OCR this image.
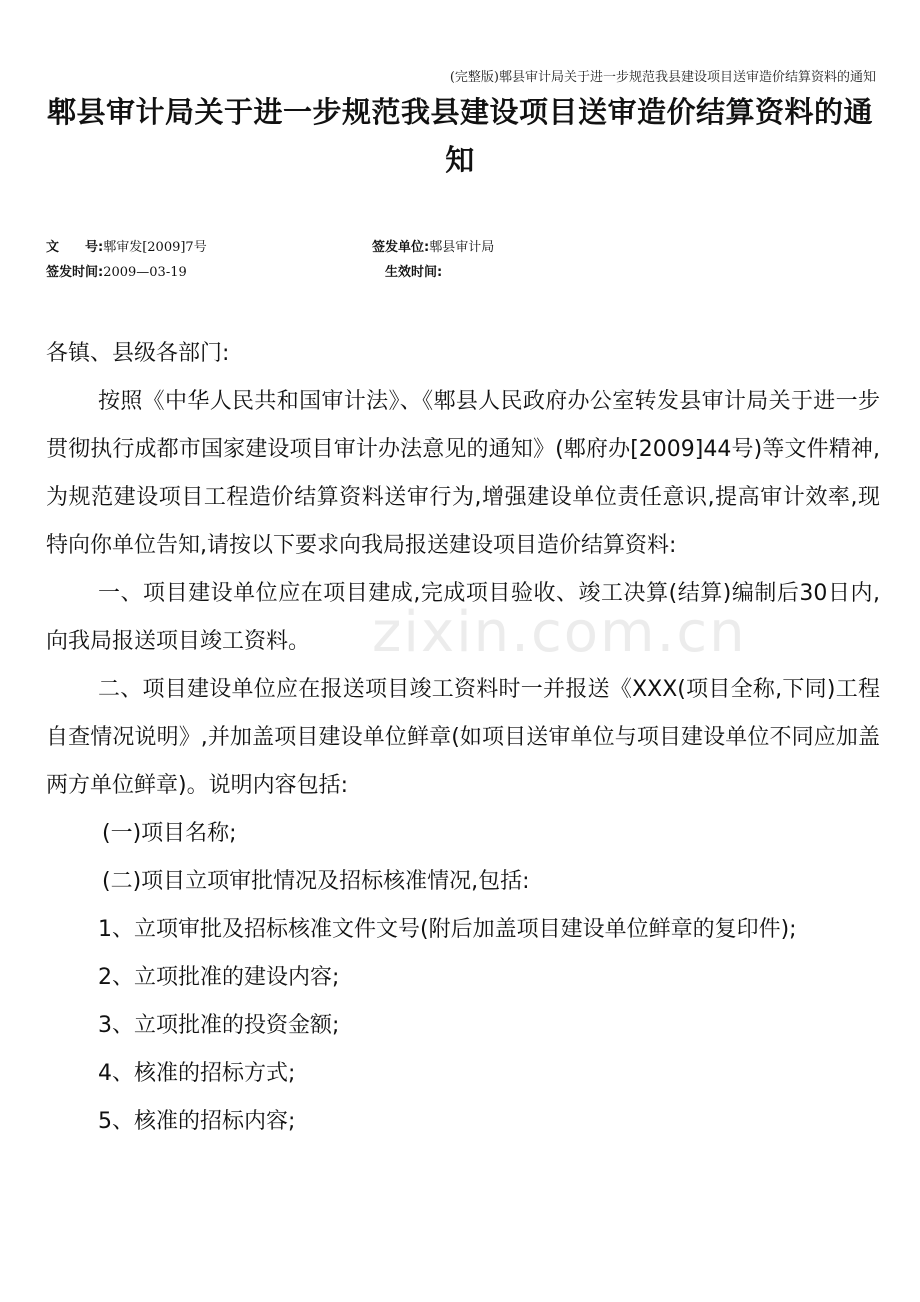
(完整版)郫县审计局关于进一步规范我县建设项目送审造价结算资料的通知
郫县审计局关于进一步规范我县建设项目送审造价结算资料的通知
文　　号:郫审发[2009]7号	签发单位:郫县审计局
签发时间:2009—03-19	生效时间:
zixin.com.cn

各镇、县级各部门:

按照《中华人民共和国审计法》、《郫县人民政府办公室转发县审计局关于进一步贯彻执行成都市国家建设项目审计办法意见的通知》(郫府办[2009]44号)等文件精神,为规范建设项目工程造价结算资料送审行为,增强建设单位责任意识,提高审计效率,现特向你单位告知,请按以下要求向我局报送建设项目造价结算资料:

一、项目建设单位应在项目建成,完成项目验收、竣工决算(结算)编制后30日内,向我局报送项目竣工资料。

二、项目建设单位应在报送项目竣工资料时一并报送《XXX(项目全称,下同)工程自查情况说明》,并加盖项目建设单位鲜章(如项目送审单位与项目建设单位不同应加盖两方单位鲜章)。说明内容包括:

(一)项目名称;

(二)项目立项审批情况及招标核准情况,包括:

1、立项审批及招标核准文件文号(附后加盖项目建设单位鲜章的复印件);

2、立项批准的建设内容;

3、立项批准的投资金额;

4、核准的招标方式;

5、核准的招标内容;
